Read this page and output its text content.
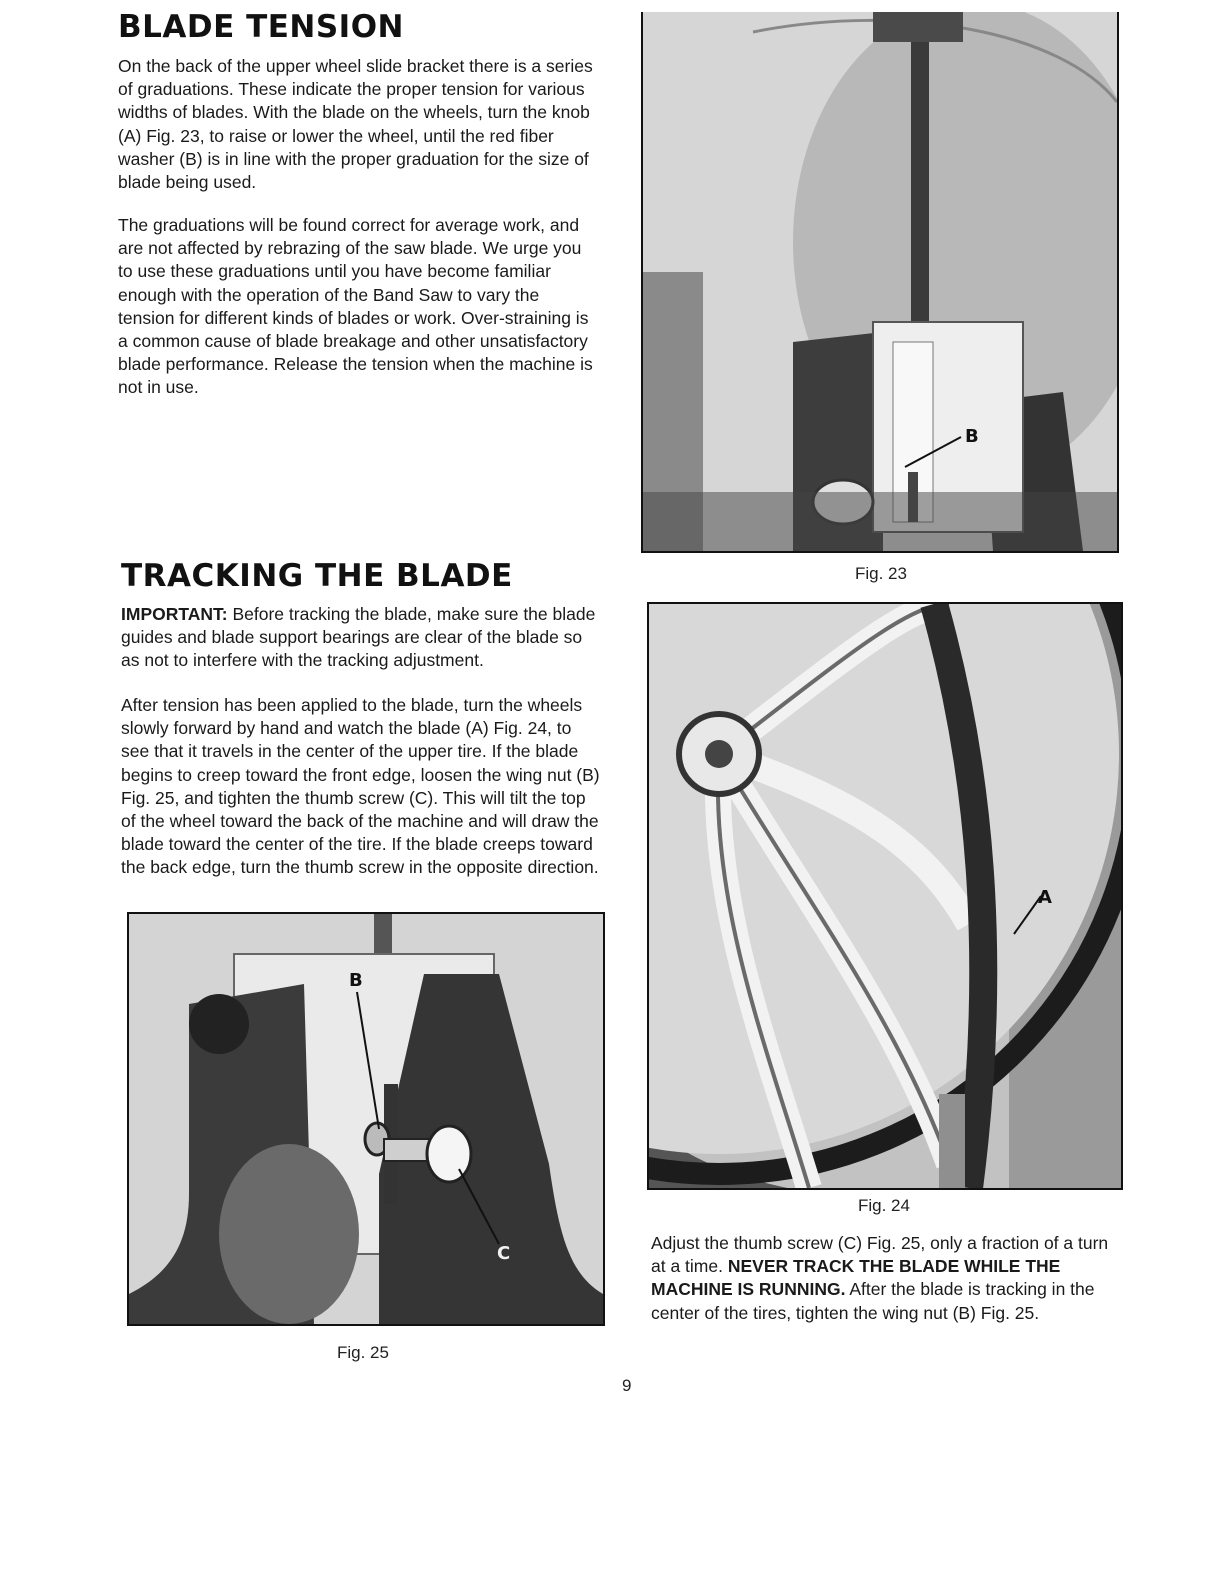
BLADE TENSION

On the back of the upper wheel slide bracket there is a series of graduations. These indicate the proper tension for various widths of blades. With the blade on the wheels, turn the knob (A) Fig. 23, to raise or lower the wheel, until the red fiber washer (B) is in line with the proper graduation for the size of blade being used.

The graduations will be found correct for average work, and are not affected by rebrazing of the saw blade. We urge you to use these graduations until you have become familiar enough with the operation of the Band Saw to vary the tension for different kinds of blades or work. Over-straining is a common cause of blade breakage and other unsatisfactory blade performance. Release the tension when the machine is not in use.

B

Fig. 23

TRACKING THE BLADE

IMPORTANT: Before tracking the blade, make sure the blade guides and blade support bearings are clear of the blade so as not to interfere with the tracking adjustment.

After tension has been applied to the blade, turn the wheels slowly forward by hand and watch the blade (A) Fig. 24, to see that it travels in the center of the upper tire. If the blade begins to creep toward the front edge, loosen the wing nut (B) Fig. 25, and tighten the thumb screw (C). This will tilt the top of the wheel toward the back of the machine and will draw the blade toward the center of the tire. If the blade creeps toward the back edge, turn the thumb screw in the opposite direction.

A

Fig. 24

Adjust the thumb screw (C) Fig. 25, only a fraction of a turn at a time. NEVER TRACK THE BLADE WHILE THE MACHINE IS RUNNING. After the blade is tracking in the center of the tires, tighten the wing nut (B) Fig. 25.

B
C

Fig. 25

9
